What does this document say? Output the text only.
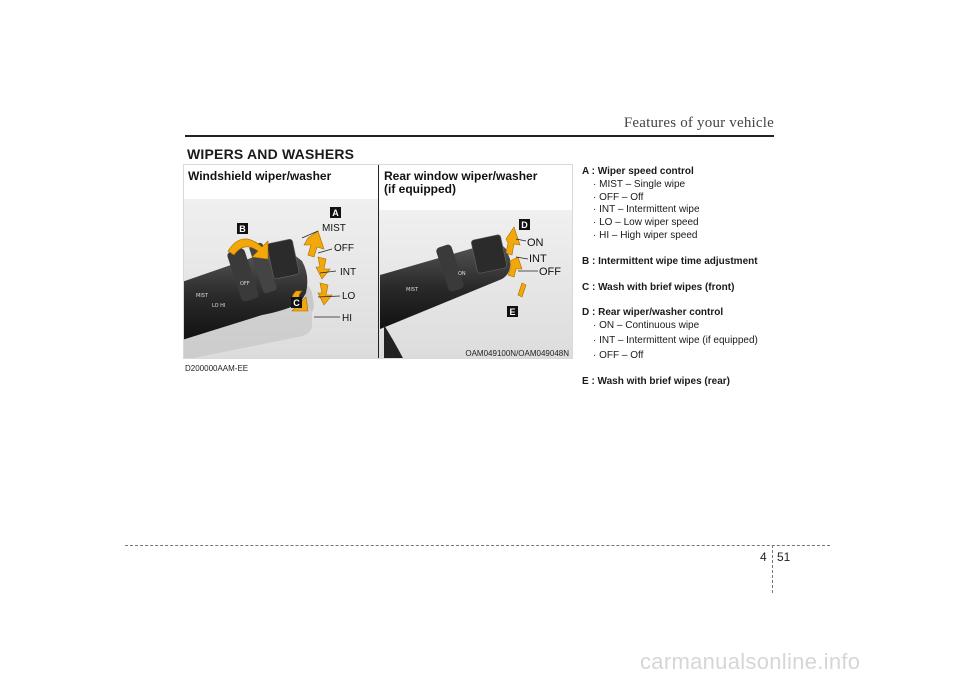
Features of your vehicle
WIPERS AND WASHERS
MIST
LO HI
OFF
MIST
OFF
INT
LO
HI
A
B
C
MIST
ON
ON
INT
OFF
D
E
Windshield wiper/washer	Rear window wiper/washer
(if equipped)
OAM049100N/OAM049048N
D200000AAM-EE
A : Wiper speed control
· MIST – Single wipe
· OFF – Off
· INT – Intermittent wipe
· LO – Low wiper speed
· HI – High wiper speed
B : Intermittent wipe time adjustment
C : Wash with brief wipes (front)
D : Rear wiper/washer control
· ON – Continuous wipe
· INT – Intermittent wipe (if equipped)
· OFF – Off
E : Wash with brief wipes (rear)
4 51
carmanualsonline.info
